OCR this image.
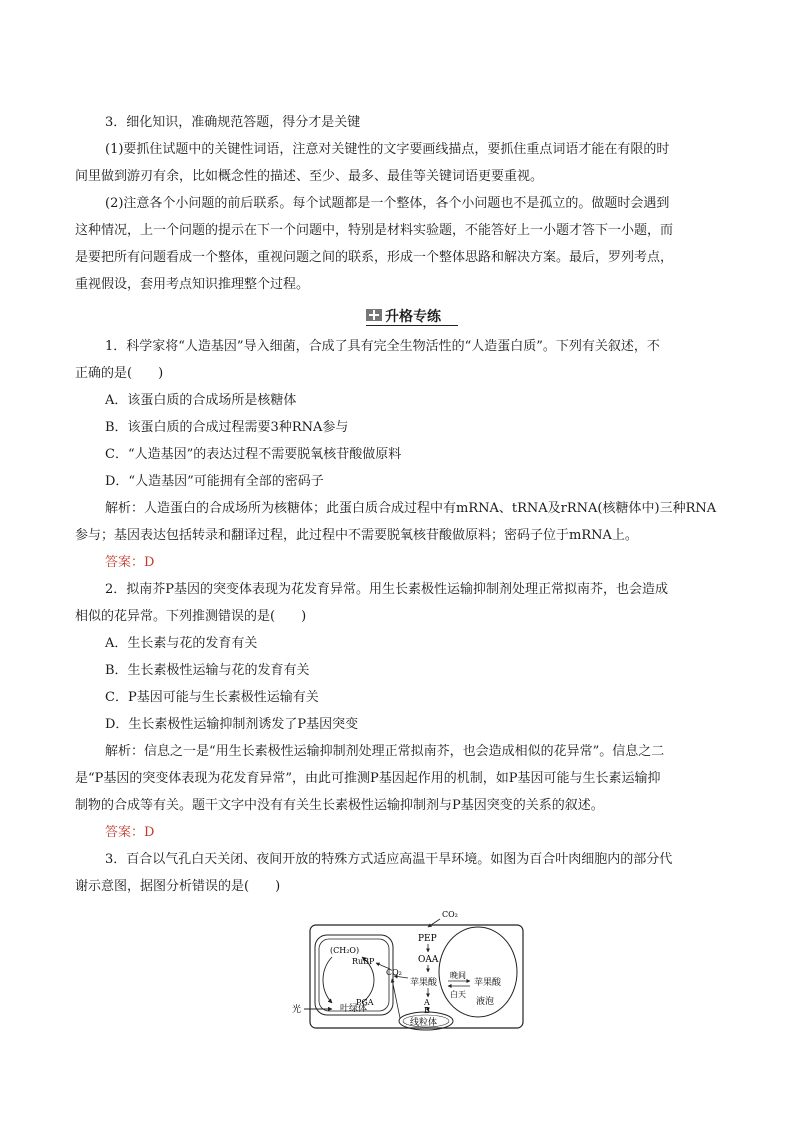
3．细化知识，准确规范答题，得分才是关键
(1)要抓住试题中的关键性词语，注意对关键性的文字要画线描点，要抓住重点词语才能在有限的时
间里做到游刃有余，比如概念性的描述、至少、最多、最佳等关键词语更要重视。
(2)注意各个小问题的前后联系。每个试题都是一个整体，各个小问题也不是孤立的。做题时会遇到
这种情况，上一个问题的提示在下一个问题中，特别是材料实验题，不能答好上一小题才答下一小题，而
是要把所有问题看成一个整体，重视问题之间的联系，形成一个整体思路和解决方案。最后，罗列考点，
重视假设，套用考点知识推理整个过程。
升格专练
1．科学家将“人造基因”导入细菌，合成了具有完全生物活性的“人造蛋白质”。下列有关叙述，不
正确的是(　　)
A．该蛋白质的合成场所是核糖体
B．该蛋白质的合成过程需要3种RNA参与
C．“人造基因”的表达过程不需要脱氧核苷酸做原料
D．“人造基因”可能拥有全部的密码子
解析：人造蛋白的合成场所为核糖体；此蛋白质合成过程中有mRNA、tRNA及rRNA(核糖体中)三种RNA
参与；基因表达包括转录和翻译过程，此过程中不需要脱氧核苷酸做原料；密码子位于mRNA上。
答案：D
2．拟南芥P基因的突变体表现为花发育异常。用生长素极性运输抑制剂处理正常拟南芥，也会造成
相似的花异常。下列推测错误的是(　　)
A．生长素与花的发育有关
B．生长素极性运输与花的发育有关
C．P基因可能与生长素极性运输有关
D．生长素极性运输抑制剂诱发了P基因突变
解析：信息之一是“用生长素极性运输抑制剂处理正常拟南芥，也会造成相似的花异常”。信息之二
是“P基因的突变体表现为花发育异常”，由此可推测P基因起作用的机制，如P基因可能与生长素运输抑
制物的合成等有关。题干文字中没有有关生长素极性运输抑制剂与P基因突变的关系的叙述。
答案：D
3．百合以气孔白天关闭、夜间开放的特殊方式适应高温干旱环境。如图为百合叶肉细胞内的部分代
谢示意图，据图分析错误的是(　　)
CO₂
PEP
OAA
(CH₂O)
RuBP
CO₂
苹果酸
晚间
白天
苹果酸
PGA	A
B
光	叶绿体
线粒体
液泡
